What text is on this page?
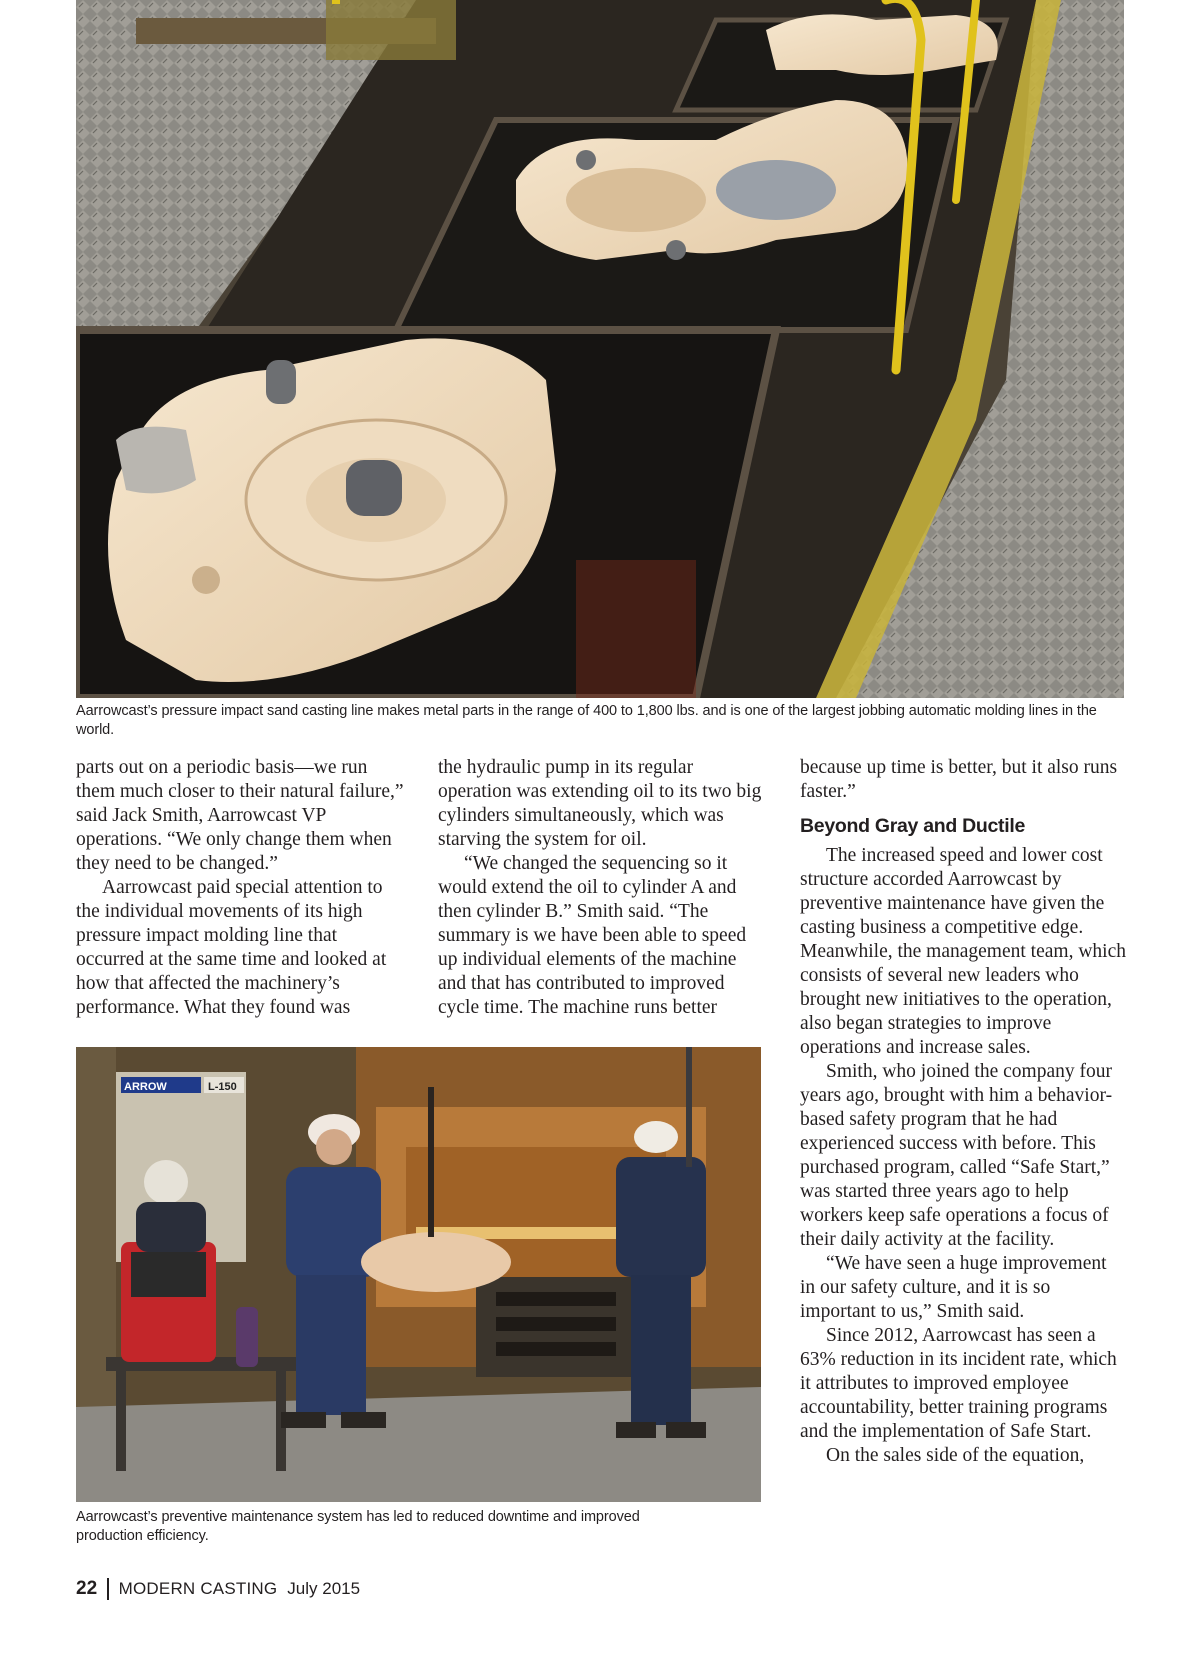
Aarrowcast’s pressure impact sand casting line makes metal parts in the range of 400 to 1,800 lbs. and is one of the largest jobbing automatic molding lines in the world.

parts out on a periodic basis—we run them much closer to their natural failure,” said Jack Smith, Aarrowcast VP operations. “We only change them when they need to be changed.”

Aarrowcast paid special attention to the individual movements of its high pressure impact molding line that occurred at the same time and looked at how that affected the machinery’s performance. What they found was

the hydraulic pump in its regular operation was extending oil to its two big cylinders simultaneously, which was starving the system for oil.

“We changed the sequencing so it would extend the oil to cylinder A and then cylinder B.” Smith said. “The summary is we have been able to speed up individual elements of the machine and that has contributed to improved cycle time. The machine runs better

ARROW	L-150
Aarrowcast’s preventive maintenance system has led to reduced downtime and improved production efficiency.

because up time is better, but it also runs faster.”

Beyond Gray and Ductile

The increased speed and lower cost structure accorded Aarrowcast by preventive maintenance have given the casting business a competitive edge. Meanwhile, the management team, which consists of several new leaders who brought new initiatives to the operation, also began strategies to improve operations and increase sales.

Smith, who joined the company four years ago, brought with him a behavior-based safety program that he had experienced success with before. This purchased program, called “Safe Start,” was started three years ago to help workers keep safe operations a focus of their daily activity at the facility.

“We have seen a huge improvement in our safety culture, and it is so important to us,” Smith said.

Since 2012, Aarrowcast has seen a 63% reduction in its incident rate, which it attributes to improved employee accountability, better training programs and the implementation of Safe Start.

On the sales side of the equation,

22 MODERN CASTING July 2015
